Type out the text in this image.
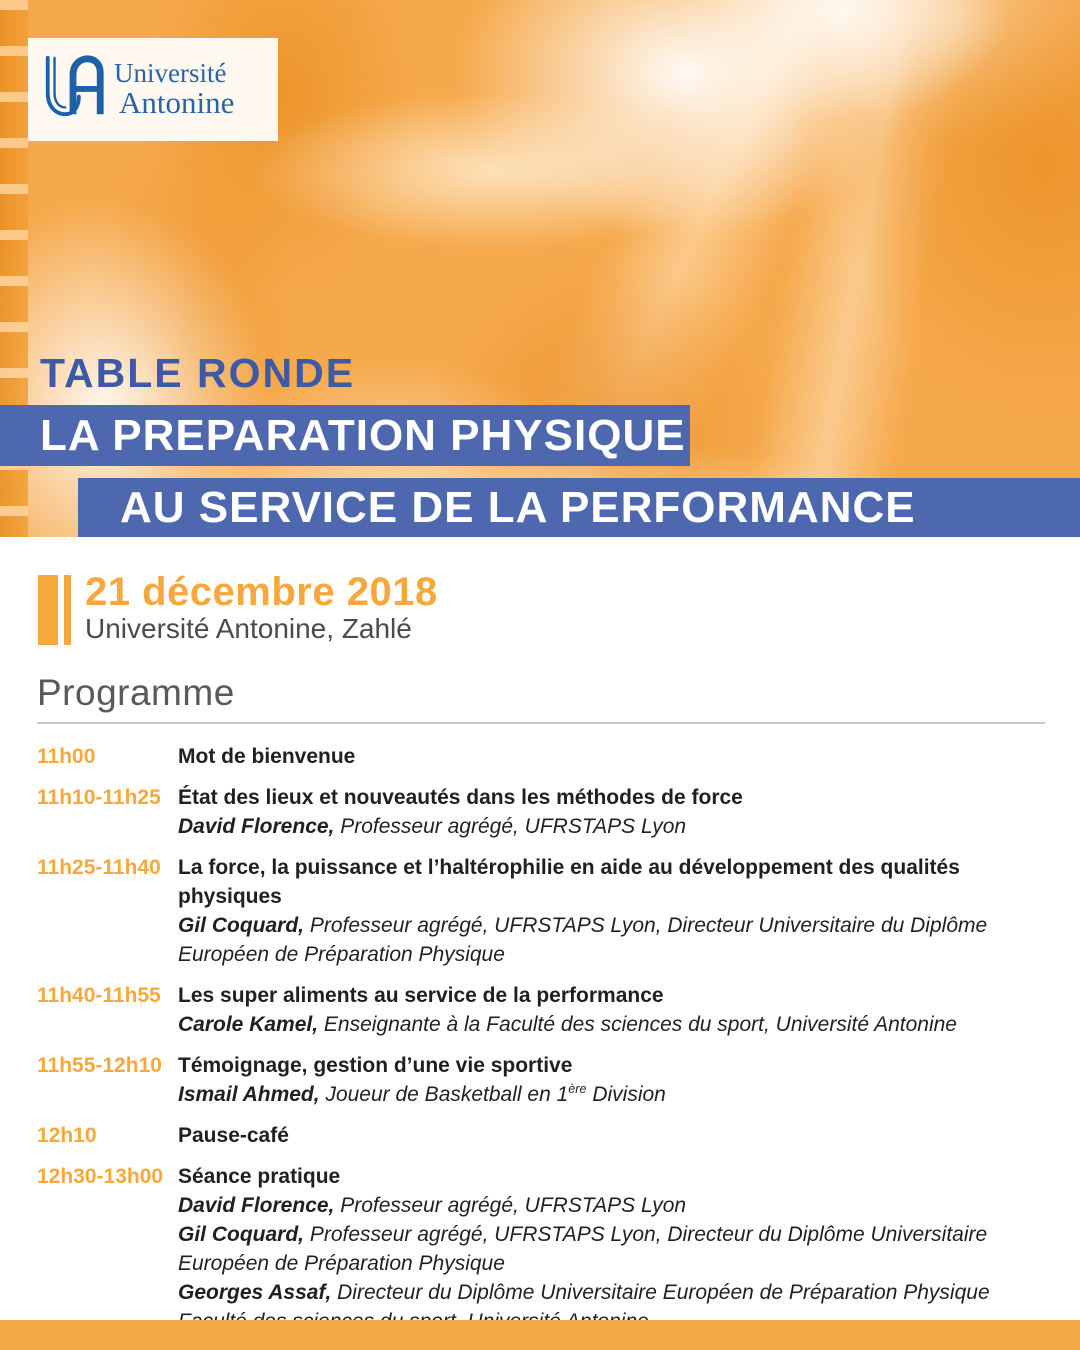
Université
Antonine
TABLE RONDE
LA PREPARATION PHYSIQUE
AU SERVICE DE LA PERFORMANCE
21 décembre 2018
Université Antonine, Zahlé
Programme
11h00	Mot de bienvenue
11h10-11h25 État des lieux et nouveautés dans les méthodes de force
David Florence, Professeur agrégé, UFRSTAPS Lyon
11h25-11h40 La force, la puissance et l’haltérophilie en aide au développement des qualités physiques
Gil Coquard, Professeur agrégé, UFRSTAPS Lyon, Directeur Universitaire du Diplôme Européen de Préparation Physique
11h40-11h55 Les super aliments au service de la performance
Carole Kamel, Enseignante à la Faculté des sciences du sport, Université Antonine
11h55-12h10 Témoignage, gestion d’une vie sportive
Ismail Ahmed, Joueur de Basketball en 1ère Division
12h10	Pause-café
12h30-13h00 Séance pratique
David Florence, Professeur agrégé, UFRSTAPS Lyon
Gil Coquard, Professeur agrégé, UFRSTAPS Lyon, Directeur du Diplôme Universitaire Européen de Préparation Physique
Georges Assaf, Directeur du Diplôme Universitaire Européen de Préparation Physique
